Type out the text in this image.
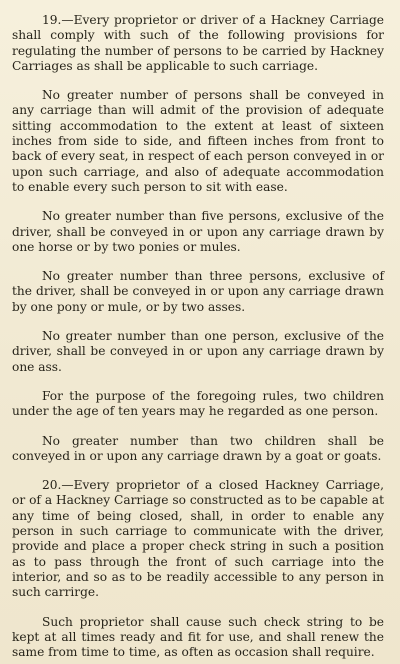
19.—Every proprietor or driver of a Hackney Carriage shall comply with such of the following provisions for regulating the number of persons to be carried by Hackney Carriages as shall be applicable to such carriage.

No greater number of persons shall be conveyed in any carriage than will admit of the provision of adequate sitting accommodation to the extent at least of sixteen inches from side to side, and fifteen inches from front to back of every seat, in respect of each person conveyed in or upon such carriage, and also of adequate accommodation to enable every such person to sit with ease.

No greater number than five persons, exclusive of the driver, shall be conveyed in or upon any carriage drawn by one horse or by two ponies or mules.

No greater number than three persons, exclusive of the driver, shall be conveyed in or upon any carriage drawn by one pony or mule, or by two asses.

No greater number than one person, exclusive of the driver, shall be conveyed in or upon any carriage drawn by one ass.

For the purpose of the foregoing rules, two children under the age of ten years may he regarded as one person.

No greater number than two children shall be conveyed in or upon any carriage drawn by a goat or goats.

20.—Every proprietor of a closed Hackney Carriage, or of a Hackney Carriage so constructed as to be capable at any time of being closed, shall, in order to enable any person in such carriage to communicate with the driver, provide and place a proper check string in such a position as to pass through the front of such carriage into the interior, and so as to be readily accessible to any person in such carrirge.

Such proprietor shall cause such check string to be kept at all times ready and fit for use, and shall renew the same from time to time, as often as occasion shall require.
